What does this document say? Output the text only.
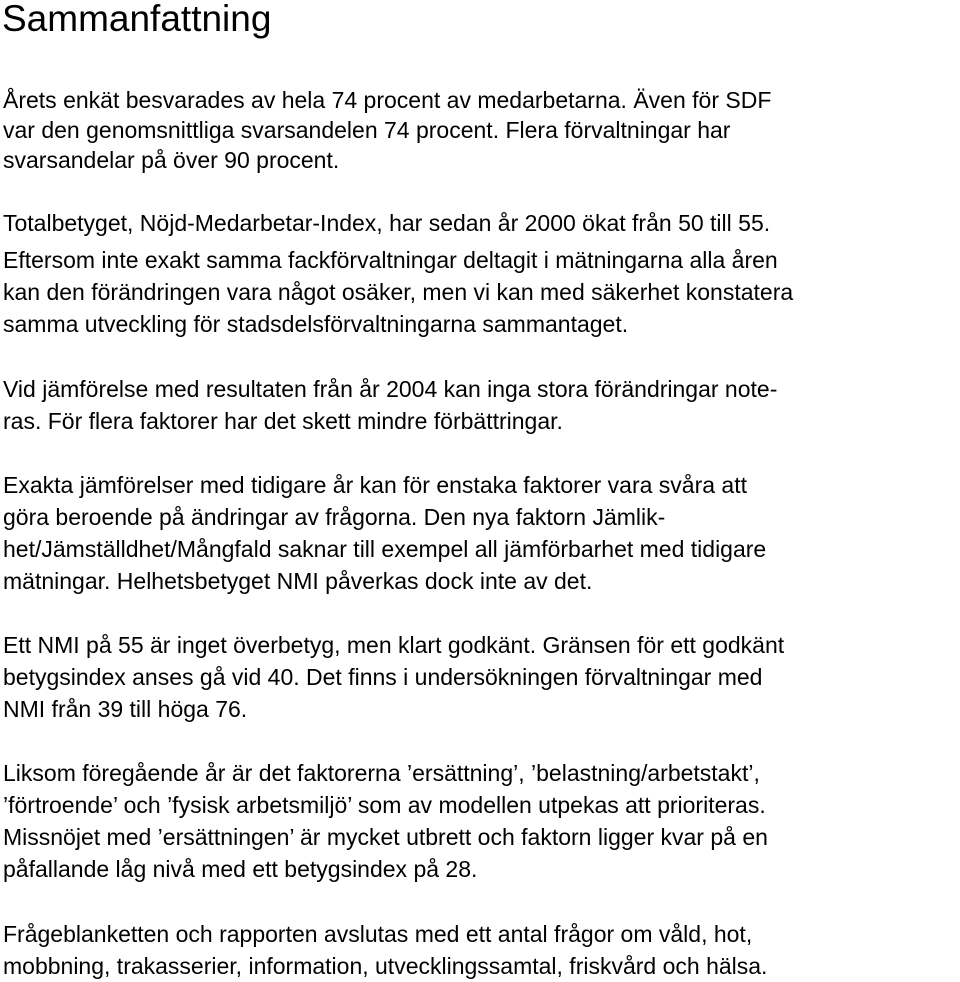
Sammanfattning

Årets enkät besvarades av hela 74 procent av medarbetarna. Även för SDF

var den genomsnittliga svarsandelen 74 procent. Flera förvaltningar har

svarsandelar på över 90 procent.

Totalbetyget, Nöjd-Medarbetar-Index, har sedan år 2000 ökat från 50 till 55.

Eftersom inte exakt samma fackförvaltningar deltagit i mätningarna alla åren

kan den förändringen vara något osäker, men vi kan med säkerhet konstatera

samma utveckling för stadsdelsförvaltningarna sammantaget.

Vid jämförelse med resultaten från år 2004 kan inga stora förändringar note-

ras. För flera faktorer har det skett mindre förbättringar.

Exakta jämförelser med tidigare år kan för enstaka faktorer vara svåra att

göra beroende på ändringar av frågorna. Den nya faktorn Jämlik-

het/Jämställdhet/Mångfald saknar till exempel all jämförbarhet med tidigare

mätningar. Helhetsbetyget NMI påverkas dock inte av det.

Ett NMI på 55 är inget överbetyg, men klart godkänt. Gränsen för ett godkänt

betygsindex anses gå vid 40. Det finns i undersökningen förvaltningar med

NMI från 39 till höga 76.

Liksom föregående år är det faktorerna ’ersättning’, ’belastning/arbetstakt’,

’förtroende’ och ’fysisk arbetsmiljö’ som av modellen utpekas att prioriteras.

Missnöjet med ’ersättningen’ är mycket utbrett och faktorn ligger kvar på en

påfallande låg nivå med ett betygsindex på 28.

Frågeblanketten och rapporten avslutas med ett antal frågor om våld, hot,

mobbning, trakasserier, information, utvecklingssamtal, friskvård och hälsa.
